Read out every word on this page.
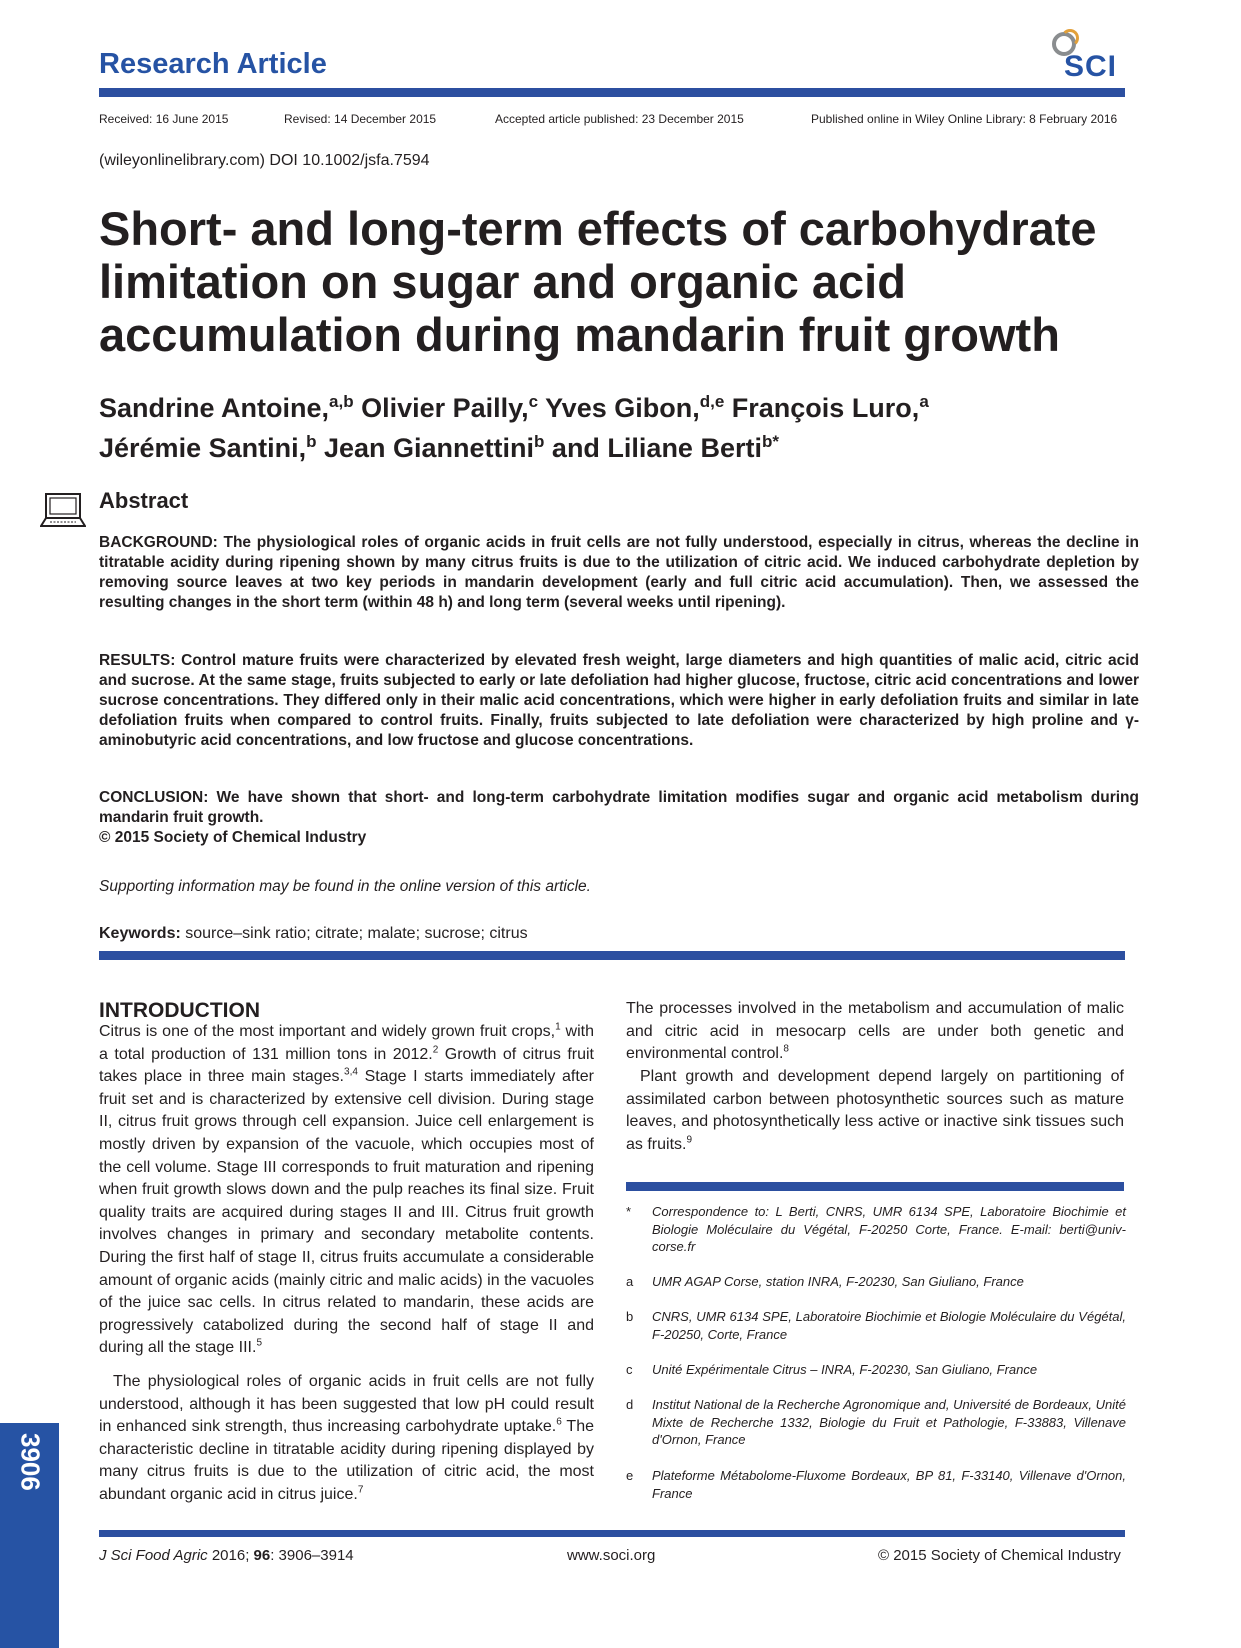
Research Article	SCI
Received: 16 June 2015	Revised: 14 December 2015	Accepted article published: 23 December 2015	Published online in Wiley Online Library: 8 February 2016
(wileyonlinelibrary.com) DOI 10.1002/jsfa.7594
Short- and long-term effects of carbohydrate limitation on sugar and organic acid accumulation during mandarin fruit growth
Sandrine Antoine,$^{a,b}$ Olivier Pailly,$^c$ Yves Gibon,$^{d,e}$ François Luro,$^a$
Jérémie Santini,$^b$ Jean Giannettini$^b$ and Liliane Berti$^{b*}$
Abstract

BACKGROUND: The physiological roles of organic acids in fruit cells are not fully understood, especially in citrus, whereas the decline in titratable acidity during ripening shown by many citrus fruits is due to the utilization of citric acid. We induced carbohydrate depletion by removing source leaves at two key periods in mandarin development (early and full citric acid accumulation). Then, we assessed the resulting changes in the short term (within 48 h) and long term (several weeks until ripening).

RESULTS: Control mature fruits were characterized by elevated fresh weight, large diameters and high quantities of malic acid, citric acid and sucrose. At the same stage, fruits subjected to early or late defoliation had higher glucose, fructose, citric acid concentrations and lower sucrose concentrations. They differed only in their malic acid concentrations, which were higher in early defoliation fruits and similar in late defoliation fruits when compared to control fruits. Finally, fruits subjected to late defoliation were characterized by high proline and γ-aminobutyric acid concentrations, and low fructose and glucose concentrations.

CONCLUSION: We have shown that short- and long-term carbohydrate limitation modifies sugar and organic acid metabolism during mandarin fruit growth.
© 2015 Society of Chemical Industry

Supporting information may be found in the online version of this article.
Keywords: source–sink ratio; citrate; malate; sucrose; citrus
INTRODUCTION

Citrus is one of the most important and widely grown fruit crops,$^1$ with a total production of 131 million tons in 2012.$^2$ Growth of citrus fruit takes place in three main stages.$^{3,4}$ Stage I starts immediately after fruit set and is characterized by extensive cell division. During stage II, citrus fruit grows through cell expansion. Juice cell enlargement is mostly driven by expansion of the vacuole, which occupies most of the cell volume. Stage III corresponds to fruit maturation and ripening when fruit growth slows down and the pulp reaches its final size. Fruit quality traits are acquired during stages II and III. Citrus fruit growth involves changes in primary and secondary metabolite contents. During the first half of stage II, citrus fruits accumulate a considerable amount of organic acids (mainly citric and malic acids) in the vacuoles of the juice sac cells. In citrus related to mandarin, these acids are progressively catabolized during the second half of stage II and during all the stage III.$^5$

The physiological roles of organic acids in fruit cells are not fully understood, although it has been suggested that low pH could result in enhanced sink strength, thus increasing carbohydrate uptake.$^6$ The characteristic decline in titratable acidity during ripening displayed by many citrus fruits is due to the utilization of citric acid, the most abundant organic acid in citrus juice.$^7$

The processes involved in the metabolism and accumulation of malic and citric acid in mesocarp cells are under both genetic and environmental control.$^8$

Plant growth and development depend largely on partitioning of assimilated carbon between photosynthetic sources such as mature leaves, and photosynthetically less active or inactive sink tissues such as fruits.$^9$

* Correspondence to: L Berti, CNRS, UMR 6134 SPE, Laboratoire Biochimie et Biologie Moléculaire du Végétal, F-20250 Corte, France. E-mail: berti@univ-corse.fr
a UMR AGAP Corse, station INRA, F-20230, San Giuliano, France
b CNRS, UMR 6134 SPE, Laboratoire Biochimie et Biologie Moléculaire du Végétal, F-20250, Corte, France
c Unité Expérimentale Citrus – INRA, F-20230, San Giuliano, France
d Institut National de la Recherche Agronomique and, Université de Bordeaux, Unité Mixte de Recherche 1332, Biologie du Fruit et Pathologie, F-33883, Villenave d'Ornon, France
e Plateforme Métabolome-Fluxome Bordeaux, BP 81, F-33140, Villenave d'Ornon, France
J Sci Food Agric 2016; 96: 3906–3914	www.soci.org	© 2015 Society of Chemical Industry
3906
